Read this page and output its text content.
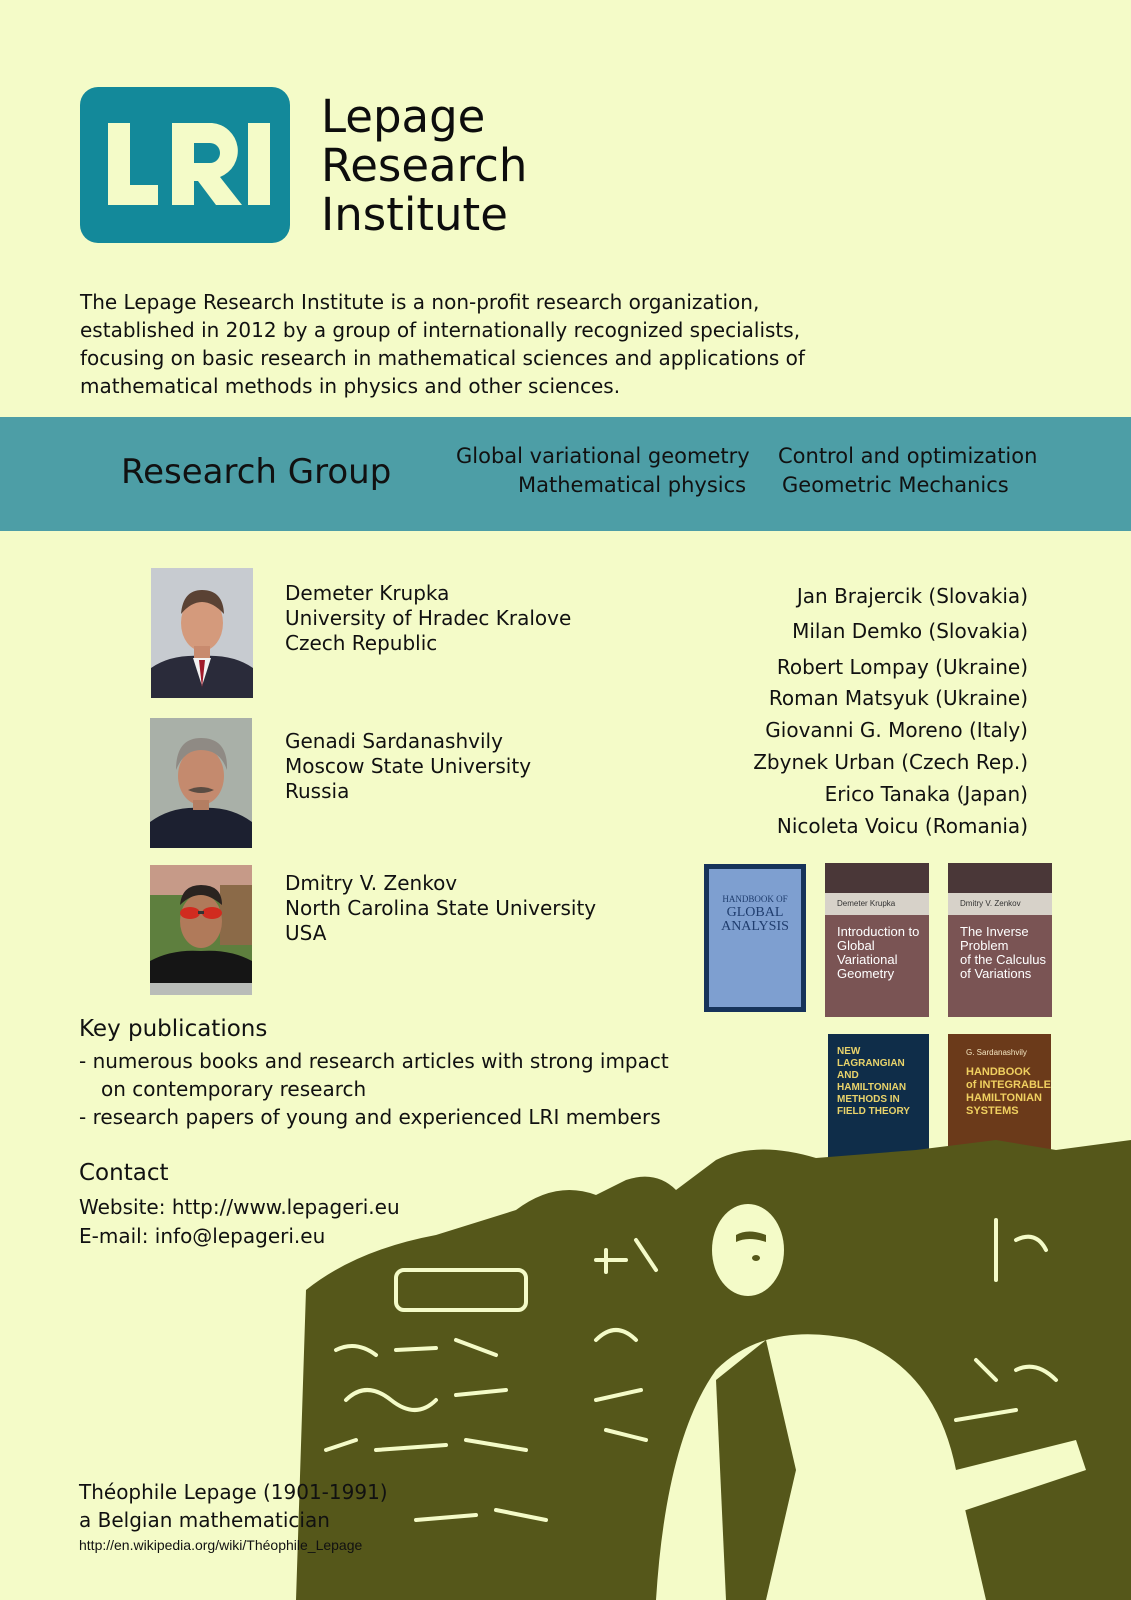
Lepage
Research
Institute
The Lepage Research Institute is a non-profit research organization,
established in 2012 by a group of internationally recognized specialists,
focusing on basic research in mathematical sciences and applications of
mathematical methods in physics and other sciences.
Research Group	Global variational geometry
Mathematical physics
Control and optimization
Geometric Mechanics
Demeter Krupka
University of Hradec Kralove
Czech Republic
Genadi Sardanashvily
Moscow State University
Russia
Dmitry V. Zenkov
North Carolina State University
USA
Jan Brajercik (Slovakia)
Milan Demko (Slovakia)
Robert Lompay (Ukraine)
Roman Matsyuk (Ukraine)
Giovanni G. Moreno (Italy)
Zbynek Urban (Czech Rep.)
Erico Tanaka (Japan)
Nicoleta Voicu (Romania)
HANDBOOK OF
GLOBAL
ANALYSIS
Demeter Krupka
Introduction to
Global Variational
Geometry
Dmitry V. Zenkov
The Inverse
Problem
of the Calculus
of Variations
NEW LAGRANGIAN
AND HAMILTONIAN
METHODS IN
FIELD THEORY
G. Sardanashvily
HANDBOOK
of INTEGRABLE
HAMILTONIAN
SYSTEMS
Key publications
- numerous books and research articles with strong impact
on contemporary research
- research papers of young and experienced LRI members
Contact
Website: http://www.lepageri.eu
E-mail: info@lepageri.eu
Théophile Lepage (1901-1991)
a Belgian mathematician
http://en.wikipedia.org/wiki/Théophile_Lepage
